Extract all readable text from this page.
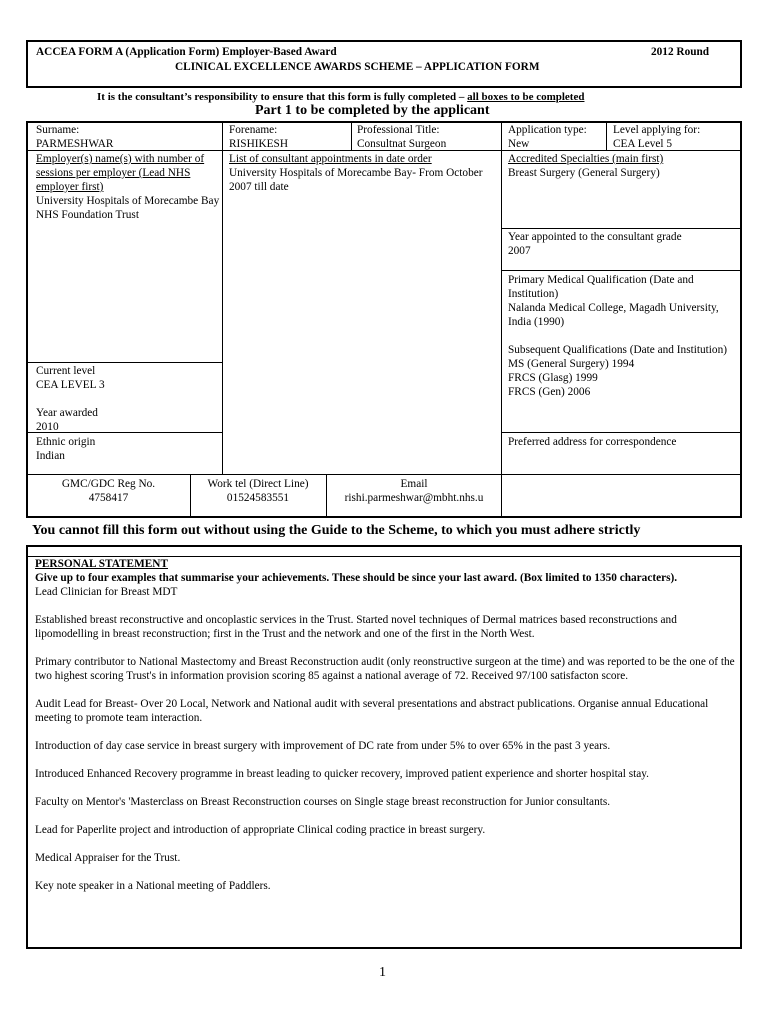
ACCEA FORM A (Application Form) Employer-Based Award	2012 Round
CLINICAL EXCELLENCE AWARDS SCHEME – APPLICATION FORM
It is the consultant’s responsibility to ensure that this form is fully completed – all boxes to be completed
Part 1 to be completed by the applicant
Surname:
PARMESHWAR
Forename:
RISHIKESH
Professional Title:
Consultnat Surgeon
Application type:
New
Level applying for:
CEA Level 5
Employer(s) name(s) with number of sessions per employer (Lead NHS employer first)
University Hospitals of Morecambe Bay NHS Foundation Trust
List of consultant appointments in date order
University Hospitals of Morecambe Bay- From October 2007 till date
Accredited Specialties (main first)
Breast Surgery (General Surgery)
Year appointed to the consultant grade
2007
Primary Medical Qualification (Date and Institution)
Nalanda Medical College, Magadh University, India (1990)
Subsequent Qualifications (Date and Institution)
MS (General Surgery) 1994
FRCS (Glasg) 1999
FRCS (Gen) 2006
Current level
CEA LEVEL 3
Year awarded
2010
Ethnic origin
Indian
Preferred address for correspondence
GMC/GDC Reg No.
4758417
Work tel (Direct Line)
01524583551
Email
rishi.parmeshwar@mbht.nhs.u
You cannot fill this form out without using the Guide to the Scheme, to which you must adhere strictly
PERSONAL STATEMENT
Give up to four examples that summarise your achievements. These should be since your last award. (Box limited to 1350 characters).
Lead Clinician for Breast MDT

Established breast reconstructive and oncoplastic services in the Trust. Started novel techniques of Dermal matrices based reconstructions and lipomodelling in breast reconstruction; first in the Trust and the network and one of the first in the North West.

Primary contributor to National Mastectomy and Breast Reconstruction audit (only reonstructive surgeon at the time) and was reported to be the one of the two highest scoring Trust's in information provision scoring 85 against a national average of 72. Received 97/100 satisfacton score.

Audit Lead for Breast- Over 20 Local, Network and National audit with several presentations and abstract publications. Organise annual Educational meeting to promote team interaction.

Introduction of day case service in breast surgery with improvement of DC rate from under 5% to over 65% in the past 3 years.

Introduced Enhanced Recovery programme in breast leading to quicker recovery, improved patient experience and shorter hospital stay.

Faculty on Mentor's 'Masterclass on Breast Reconstruction courses on Single stage breast reconstruction for Junior consultants.

Lead for Paperlite project and introduction of appropriate Clinical coding practice in breast surgery.

Medical Appraiser for the Trust.

Key note speaker in a National meeting of Paddlers.

1
